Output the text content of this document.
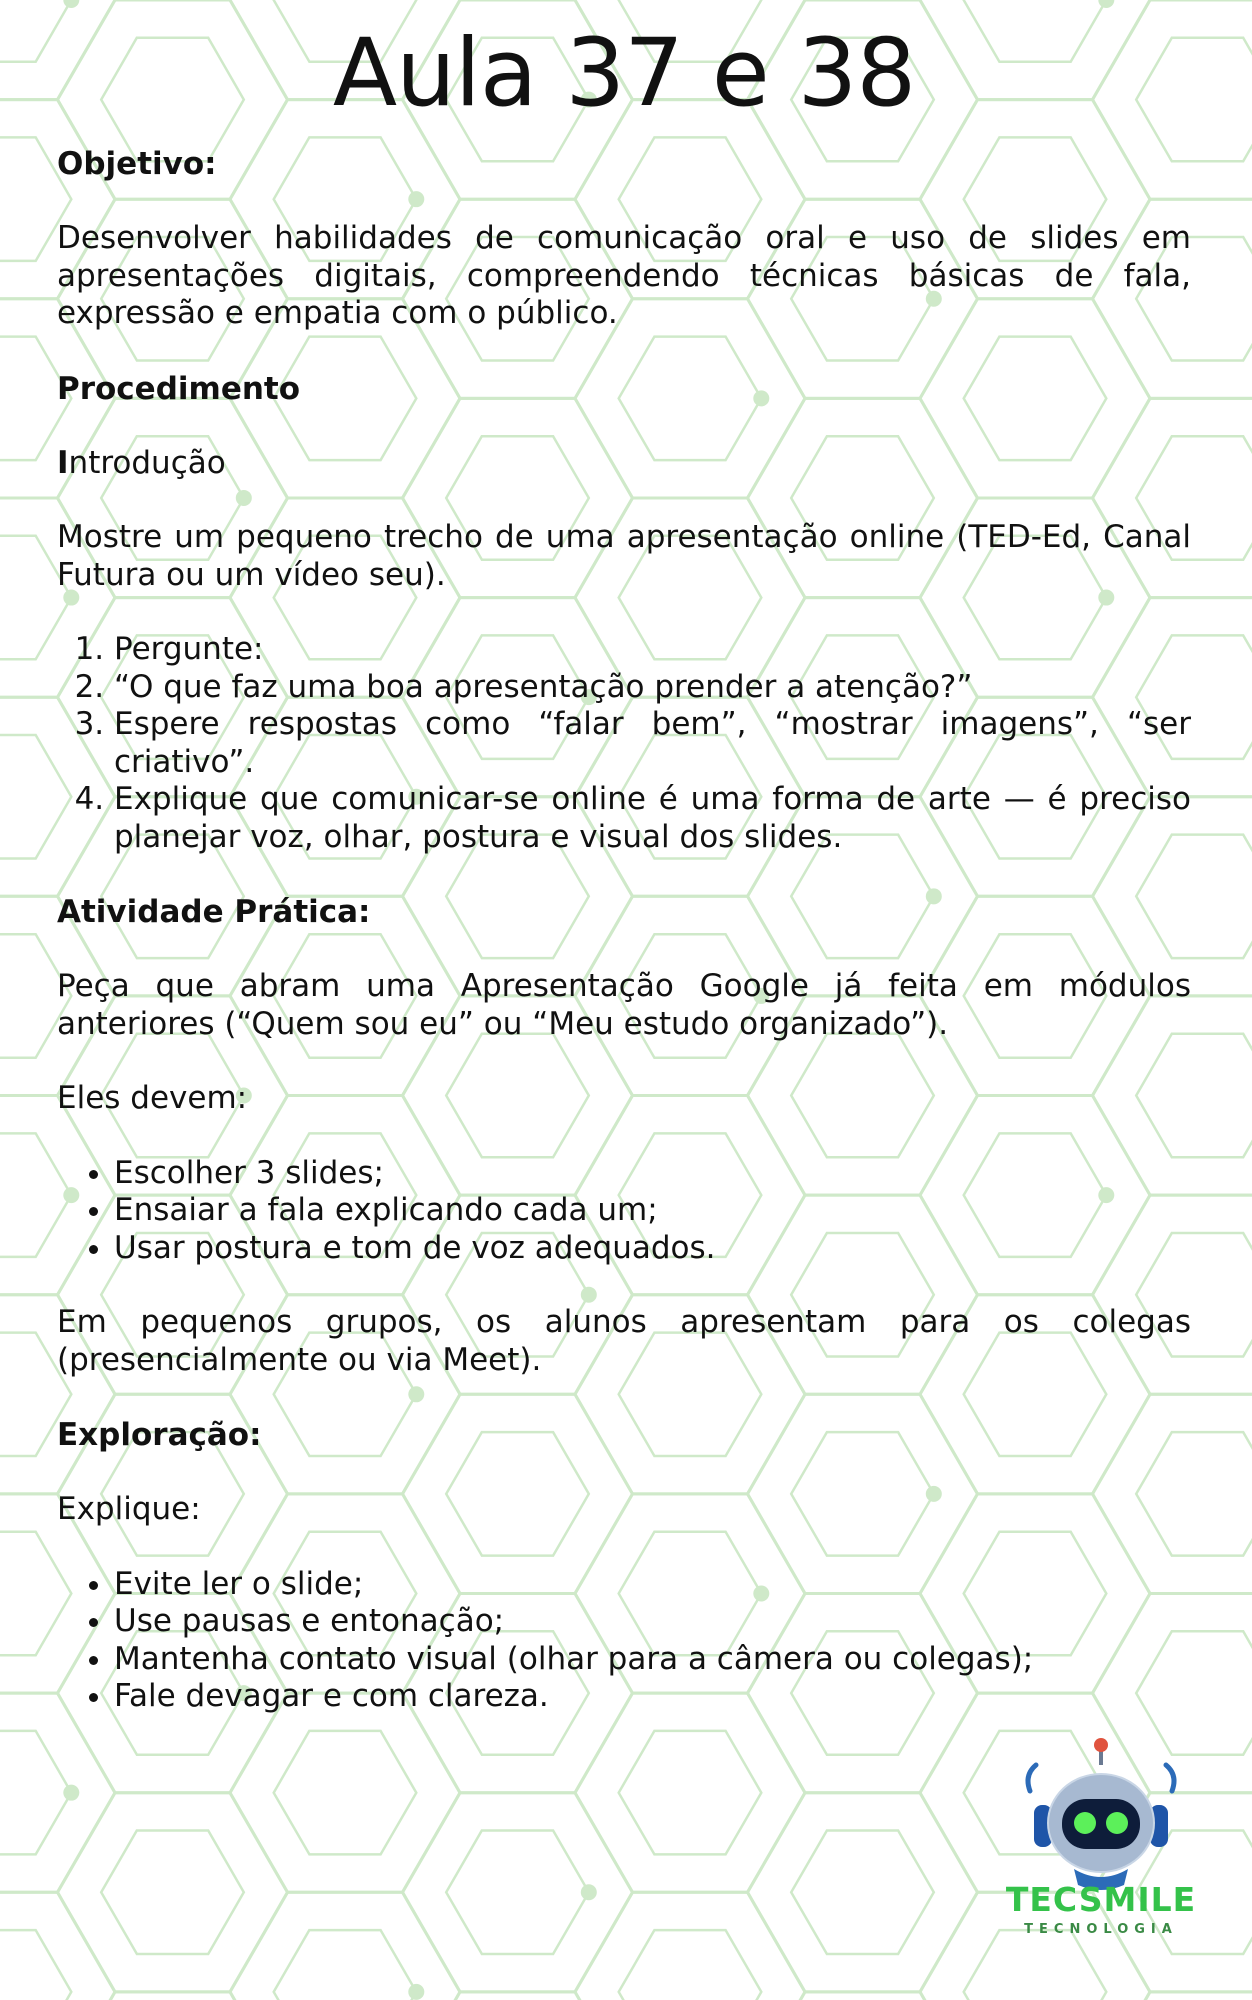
Aula 37 e 38

Objetivo:

Desenvolver habilidades de comunicação oral e uso de slides em apresentações digitais, compreendendo técnicas básicas de fala, expressão e empatia com o público.

Procedimento

Introdução

Mostre um pequeno trecho de uma apresentação online (TED-Ed, Canal Futura ou um vídeo seu).

1. Pergunte:
2. “O que faz uma boa apresentação prender a atenção?”
3. Espere respostas como “falar bem”, “mostrar imagens”, “ser criativo”.
4. Explique que comunicar-se online é uma forma de arte — é preciso planejar voz, olhar, postura e visual dos slides.

Atividade Prática:

Peça que abram uma Apresentação Google já feita em módulos anteriores (“Quem sou eu” ou “Meu estudo organizado”).

Eles devem:

• Escolher 3 slides;
• Ensaiar a fala explicando cada um;
• Usar postura e tom de voz adequados.

Em pequenos grupos, os alunos apresentam para os colegas (presencialmente ou via Meet).

Exploração:

Explique:

• Evite ler o slide;
• Use pausas e entonação;
• Mantenha contato visual (olhar para a câmera ou colegas);
• Fale devagar e com clareza.
TECSMILE
TECNOLOGIA
